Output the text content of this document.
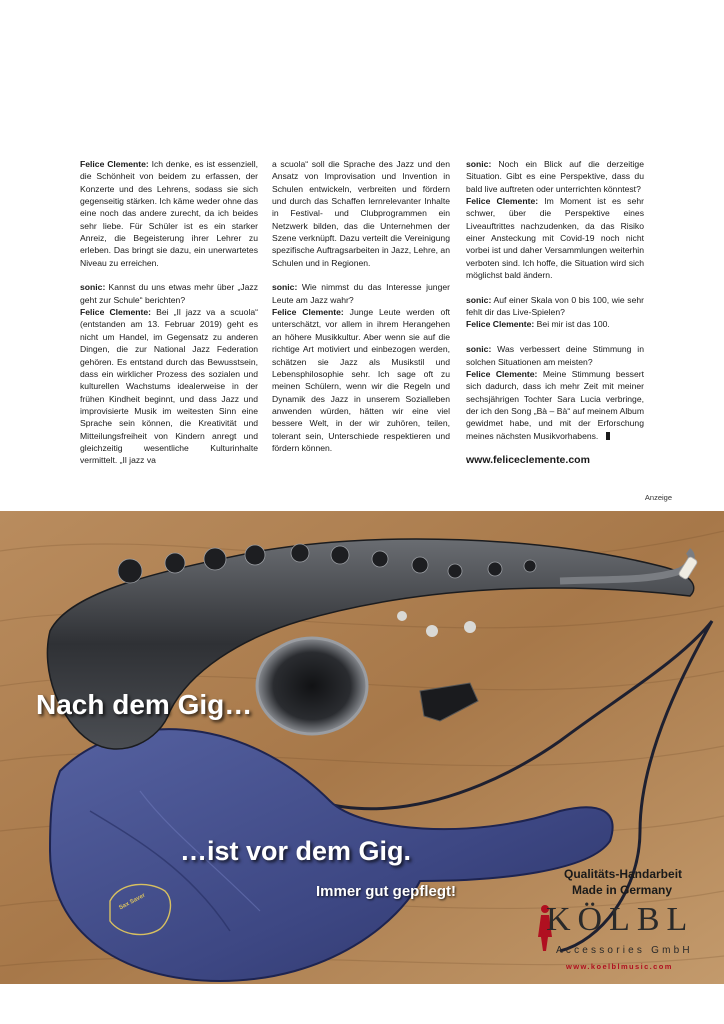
Felice Clemente: Ich denke, es ist essenziell, die Schönheit von beidem zu erfassen, der Konzerte und des Lehrens, sodass sie sich gegenseitig stärken. Ich käme weder ohne das eine noch das andere zurecht, da ich beides sehr liebe. Für Schüler ist es ein starker Anreiz, die Begeisterung ihrer Lehrer zu erleben. Das bringt sie dazu, ein unerwartetes Niveau zu erreichen.

sonic: Kannst du uns etwas mehr über „Jazz geht zur Schule“ berichten?

Felice Clemente: Bei „Il jazz va a scuola“ (entstanden am 13. Februar 2019) geht es nicht um Handel, im Gegensatz zu anderen Dingen, die zur National Jazz Federation gehören. Es entstand durch das Bewusstsein, dass ein wirklicher Prozess des sozialen und kulturellen Wachstums idealerweise in der frühen Kindheit beginnt, und dass Jazz und improvisierte Musik im weitesten Sinn eine Sprache sein können, die Kreativität und Mitteilungsfreiheit von Kindern anregt und gleichzeitig wesentliche Kulturinhalte vermittelt. „Il jazz va

a scuola“ soll die Sprache des Jazz und den Ansatz von Improvisation und Invention in Schulen entwickeln, verbreiten und fördern und durch das Schaffen lernrelevanter Inhalte in Festival- und Clubprogrammen ein Netzwerk bilden, das die Unternehmen der Szene verknüpft. Dazu verteilt die Vereinigung spezifische Auftragsarbeiten in Jazz, Lehre, an Schulen und in Regionen.

sonic: Wie nimmst du das Interesse junger Leute am Jazz wahr?

Felice Clemente: Junge Leute werden oft unterschätzt, vor allem in ihrem Herangehen an höhere Musikkultur. Aber wenn sie auf die richtige Art motiviert und einbezogen werden, schätzen sie Jazz als Musikstil und Lebensphilosophie sehr. Ich sage oft zu meinen Schülern, wenn wir die Regeln und Dynamik des Jazz in unserem Sozialleben anwenden würden, hätten wir eine viel bessere Welt, in der wir zuhören, teilen, tolerant sein, Unterschiede respektieren und fördern können.

sonic: Noch ein Blick auf die derzeitige Situation. Gibt es eine Perspektive, dass du bald live auftreten oder unterrichten könntest?

Felice Clemente: Im Moment ist es sehr schwer, über die Perspektive eines Liveauftrittes nachzudenken, da das Risiko einer Ansteckung mit Covid-19 noch nicht vorbei ist und daher Versammlungen weiterhin verboten sind. Ich hoffe, die Situation wird sich möglichst bald ändern.

sonic: Auf einer Skala von 0 bis 100, wie sehr fehlt dir das Live-Spielen?

Felice Clemente: Bei mir ist das 100.

sonic: Was verbessert deine Stimmung in solchen Situationen am meisten?

Felice Clemente: Meine Stimmung bessert sich dadurch, dass ich mehr Zeit mit meiner sechsjährigen Tochter Sara Lucia verbringe, der ich den Song „Bà – Bà“ auf meinem Album gewidmet habe, und mit der Erforschung meines nächsten Musikvorhabens.

www.feliceclemente.com
Anzeige
Nach dem Gig…
…ist vor dem Gig.
Immer gut gepflegt!
Qualitäts-Handarbeit
Made in Germany
Sax Saver	KÖLBL
Accessories GmbH
www.koelblmusic.com
